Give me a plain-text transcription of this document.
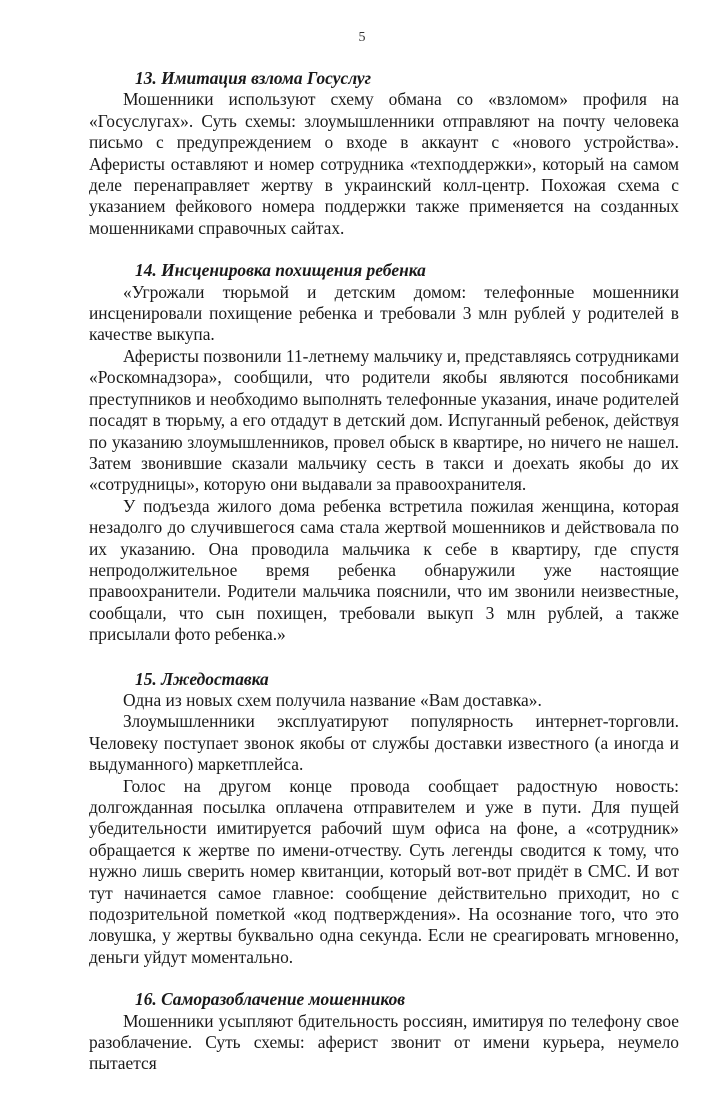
5
13. Имитация взлома Госуслуг

Мошенники используют схему обмана со «взломом» профиля на «Госуслугах». Суть схемы: злоумышленники отправляют на почту человека письмо с предупреждением о входе в аккаунт с «нового устройства». Аферисты оставляют и номер сотрудника «техподдержки», который на самом деле перенаправляет жертву в украинский колл-центр. Похожая схема с указанием фейкового номера поддержки также применяется на созданных мошенниками справочных сайтах.

14. Инсценировка похищения ребенка

«Угрожали тюрьмой и детским домом: телефонные мошенники инсценировали похищение ребенка и требовали 3 млн рублей у родителей в качестве выкупа.

Аферисты позвонили 11-летнему мальчику и, представляясь сотрудниками «Роскомнадзора», сообщили, что родители якобы являются пособниками преступников и необходимо выполнять телефонные указания, иначе родителей посадят в тюрьму, а его отдадут в детский дом. Испуганный ребенок, действуя по указанию злоумышленников, провел обыск в квартире, но ничего не нашел. Затем звонившие сказали мальчику сесть в такси и доехать якобы до их «сотрудницы», которую они выдавали за правоохранителя.

У подъезда жилого дома ребенка встретила пожилая женщина, которая незадолго до случившегося сама стала жертвой мошенников и действовала по их указанию. Она проводила мальчика к себе в квартиру, где спустя непродолжительное время ребенка обнаружили уже настоящие правоохранители. Родители мальчика пояснили, что им звонили неизвестные, сообщали, что сын похищен, требовали выкуп 3 млн рублей, а также присылали фото ребенка.»

15. Лжедоставка

Одна из новых схем получила название «Вам доставка».

Злоумышленники эксплуатируют популярность интернет-торговли. Человеку поступает звонок якобы от службы доставки известного (а иногда и выдуманного) маркетплейса.

Голос на другом конце провода сообщает радостную новость: долгожданная посылка оплачена отправителем и уже в пути. Для пущей убедительности имитируется рабочий шум офиса на фоне, а «сотрудник» обращается к жертве по имени-отчеству. Суть легенды сводится к тому, что нужно лишь сверить номер квитанции, который вот-вот придёт в СМС. И вот тут начинается самое главное: сообщение действительно приходит, но с подозрительной пометкой «код подтверждения». На осознание того, что это ловушка, у жертвы буквально одна секунда. Если не среагировать мгновенно, деньги уйдут моментально.

16. Саморазоблачение мошенников

Мошенники усыпляют бдительность россиян, имитируя по телефону свое разоблачение. Суть схемы: аферист звонит от имени курьера, неумело пытается
